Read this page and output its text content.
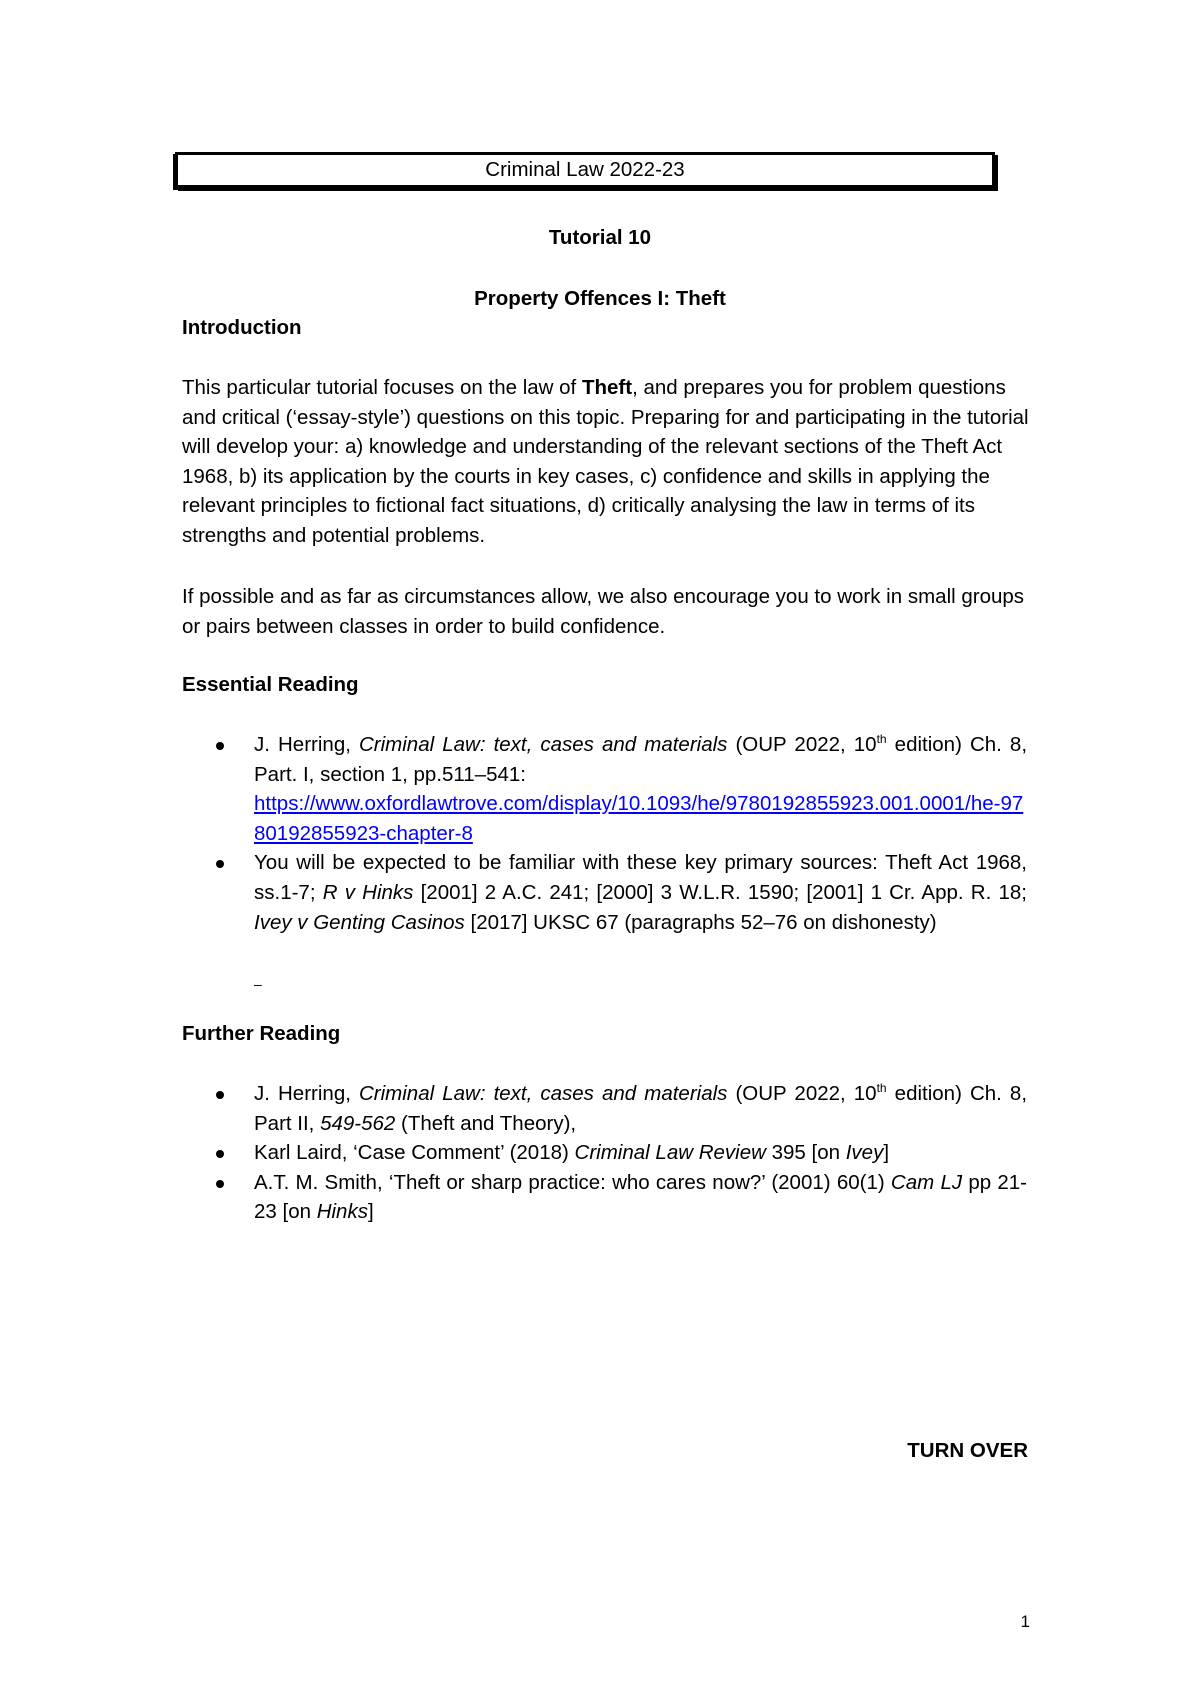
Criminal Law 2022-23
Tutorial 10
Property Offences I: Theft
Introduction
This particular tutorial focuses on the law of Theft, and prepares you for problem questions and critical (‘essay-style’) questions on this topic. Preparing for and participating in the tutorial will develop your: a) knowledge and understanding of the relevant sections of the Theft Act 1968, b) its application by the courts in key cases, c) confidence and skills in applying the relevant principles to fictional fact situations, d) critically analysing the law in terms of its strengths and potential problems.
If possible and as far as circumstances allow, we also encourage you to work in small groups or pairs between classes in order to build confidence.
Essential Reading
J. Herring, Criminal Law: text, cases and materials (OUP 2022, 10th edition) Ch. 8, Part. I, section 1, pp.511–541:
https://www.oxfordlawtrove.com/display/10.1093/he/9780192855923.001.0001/he-9780192855923-chapter-8
You will be expected to be familiar with these key primary sources: Theft Act 1968, ss.1-7; R v Hinks [2001] 2 A.C. 241; [2000] 3 W.L.R. 1590; [2001] 1 Cr. App. R. 18; Ivey v Genting Casinos [2017] UKSC 67 (paragraphs 52–76 on dishonesty)
–
Further Reading
J. Herring, Criminal Law: text, cases and materials (OUP 2022, 10th edition) Ch. 8, Part II, 549-562 (Theft and Theory),
Karl Laird, ‘Case Comment’ (2018) Criminal Law Review 395 [on Ivey]
A.T. M. Smith, ‘Theft or sharp practice: who cares now?’ (2001) 60(1) Cam LJ pp 21-23 [on Hinks]
TURN OVER
1
